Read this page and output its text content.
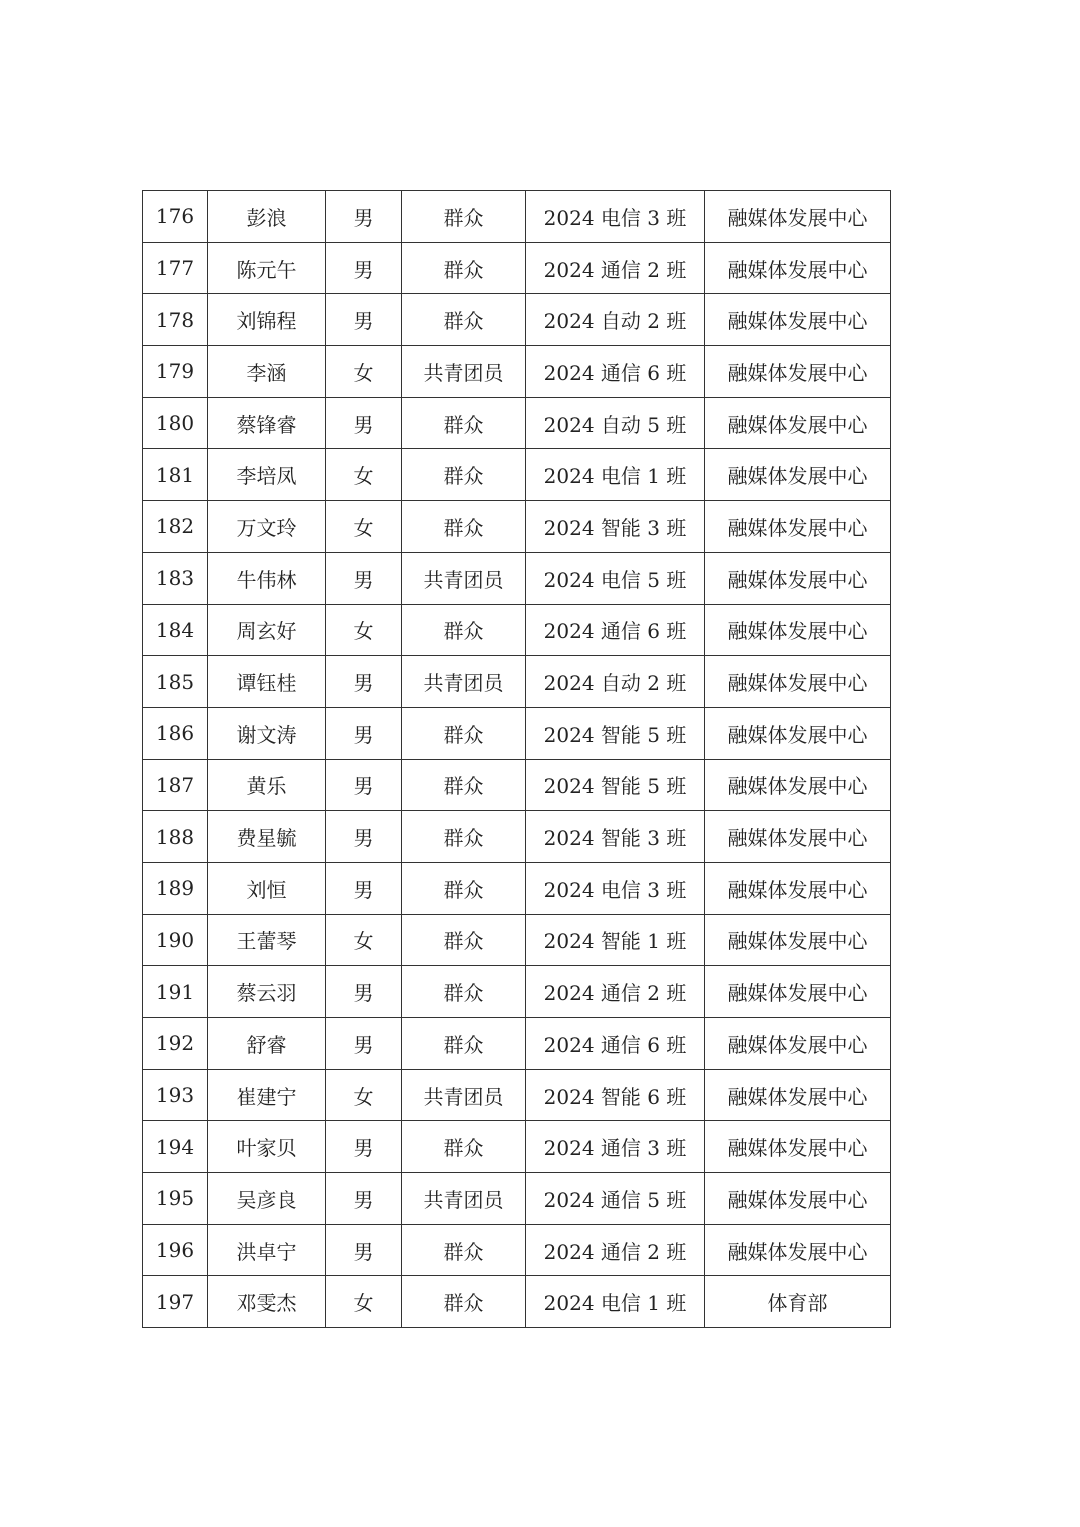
176	彭浪	男	群众	2024 电信 3 班	融媒体发展中心
177	陈元午	男	群众	2024 通信 2 班	融媒体发展中心
178	刘锦程	男	群众	2024 自动 2 班	融媒体发展中心
179	李涵	女	共青团员	2024 通信 6 班	融媒体发展中心
180	蔡锋睿	男	群众	2024 自动 5 班	融媒体发展中心
181	李培凤	女	群众	2024 电信 1 班	融媒体发展中心
182	万文玲	女	群众	2024 智能 3 班	融媒体发展中心
183	牛伟林	男	共青团员	2024 电信 5 班	融媒体发展中心
184	周玄好	女	群众	2024 通信 6 班	融媒体发展中心
185	谭钰桂	男	共青团员	2024 自动 2 班	融媒体发展中心
186	谢文涛	男	群众	2024 智能 5 班	融媒体发展中心
187	黄乐	男	群众	2024 智能 5 班	融媒体发展中心
188	费星毓	男	群众	2024 智能 3 班	融媒体发展中心
189	刘恒	男	群众	2024 电信 3 班	融媒体发展中心
190	王蕾琴	女	群众	2024 智能 1 班	融媒体发展中心
191	蔡云羽	男	群众	2024 通信 2 班	融媒体发展中心
192	舒睿	男	群众	2024 通信 6 班	融媒体发展中心
193	崔建宁	女	共青团员	2024 智能 6 班	融媒体发展中心
194	叶家贝	男	群众	2024 通信 3 班	融媒体发展中心
195	吴彦良	男	共青团员	2024 通信 5 班	融媒体发展中心
196	洪卓宁	男	群众	2024 通信 2 班	融媒体发展中心
197	邓雯杰	女	群众	2024 电信 1 班	体育部
